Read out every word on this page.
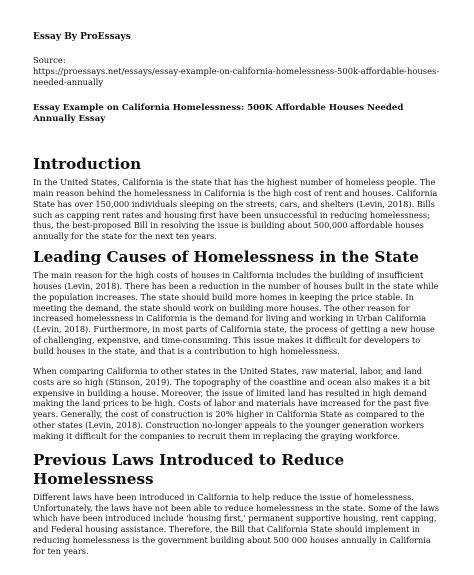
Essay By ProEssays
Source:
https://proessays.net/essays/essay-example-on-california-homelessness-500k-affordable-houses-needed-annually
Essay Example on California Homelessness: 500K Affordable Houses Needed Annually Essay
Introduction

In the United States, California is the state that has the highest number of homeless people. The main reason behind the homelessness in California is the high cost of rent and houses. California State has over 150,000 individuals sleeping on the streets, cars, and shelters (Levin, 2018). Bills such as capping rent rates and housing first have been unsuccessful in reducing homelessness; thus, the best-proposed Bill in resolving the issue is building about 500,000 affordable houses annually for the state for the next ten years.

Leading Causes of Homelessness in the State

The main reason for the high costs of houses in California includes the building of insufficient houses (Levin, 2018). There has been a reduction in the number of houses built in the state while the population increases. The state should build more homes in keeping the price stable. In meeting the demand, the state should work on building more houses. The other reason for increased homelessness in California is the demand for living and working in Urban California (Levin, 2018). Furthermore, in most parts of California state, the process of getting a new house of challenging, expensive, and time-consuming. This issue makes it difficult for developers to build houses in the state, and that is a contribution to high homelessness.

When comparing California to other states in the United States, raw material, labor, and land costs are so high (Stinson, 2019). The topography of the coastline and ocean also makes it a bit expensive in building a house. Moreover, the issue of limited land has resulted in high demand making the land prices to be high. Costs of labor and materials have increased for the past five years. Generally, the cost of construction is 20% higher in California State as compared to the other states (Levin, 2018). Construction no-longer appeals to the younger generation workers making it difficult for the companies to recruit them in replacing the graying workforce.

Previous Laws Introduced to Reduce Homelessness

Different laws have been introduced in California to help reduce the issue of homelessness. Unfortunately, the laws have not been able to reduce homelessness in the state. Some of the laws which have been introduced include 'housing first,' permanent supportive housing, rent capping, and Federal housing assistance. Therefore, the Bill that California State should implement in reducing homelessness is the government building about 500 000 houses annually in California for ten years.
